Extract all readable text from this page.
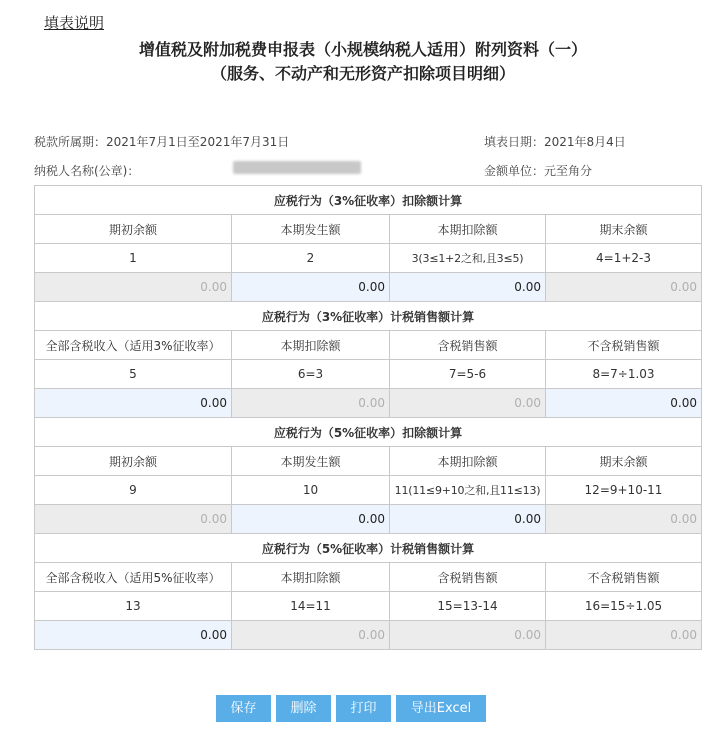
填表说明
增值税及附加税费申报表（小规模纳税人适用）附列资料（一）
（服务、不动产和无形资产扣除项目明细）
税款所属期：2021年7月1日至2021年7月31日	填表日期：2021年8月4日
纳税人名称(公章)：	金额单位：元至角分
应税行为（3%征收率）扣除额计算			
期初余额	本期发生额	本期扣除额	期末余额
1	2	3(3≤1+2之和,且3≤5)	4=1+2-3
0.00	0.00	0.00	0.00
应税行为（3%征收率）计税销售额计算			
全部含税收入（适用3%征收率）	本期扣除额	含税销售额	不含税销售额
5	6=3	7=5-6	8=7÷1.03
0.00	0.00	0.00	0.00
应税行为（5%征收率）扣除额计算			
期初余额	本期发生额	本期扣除额	期末余额
9	10	11(11≤9+10之和,且11≤13)	12=9+10-11
0.00	0.00	0.00	0.00
应税行为（5%征收率）计税销售额计算			
全部含税收入（适用5%征收率）	本期扣除额	含税销售额	不含税销售额
13	14=11	15=13-14	16=15÷1.05
0.00	0.00	0.00	0.00
保存	删除	打印	导出Excel
